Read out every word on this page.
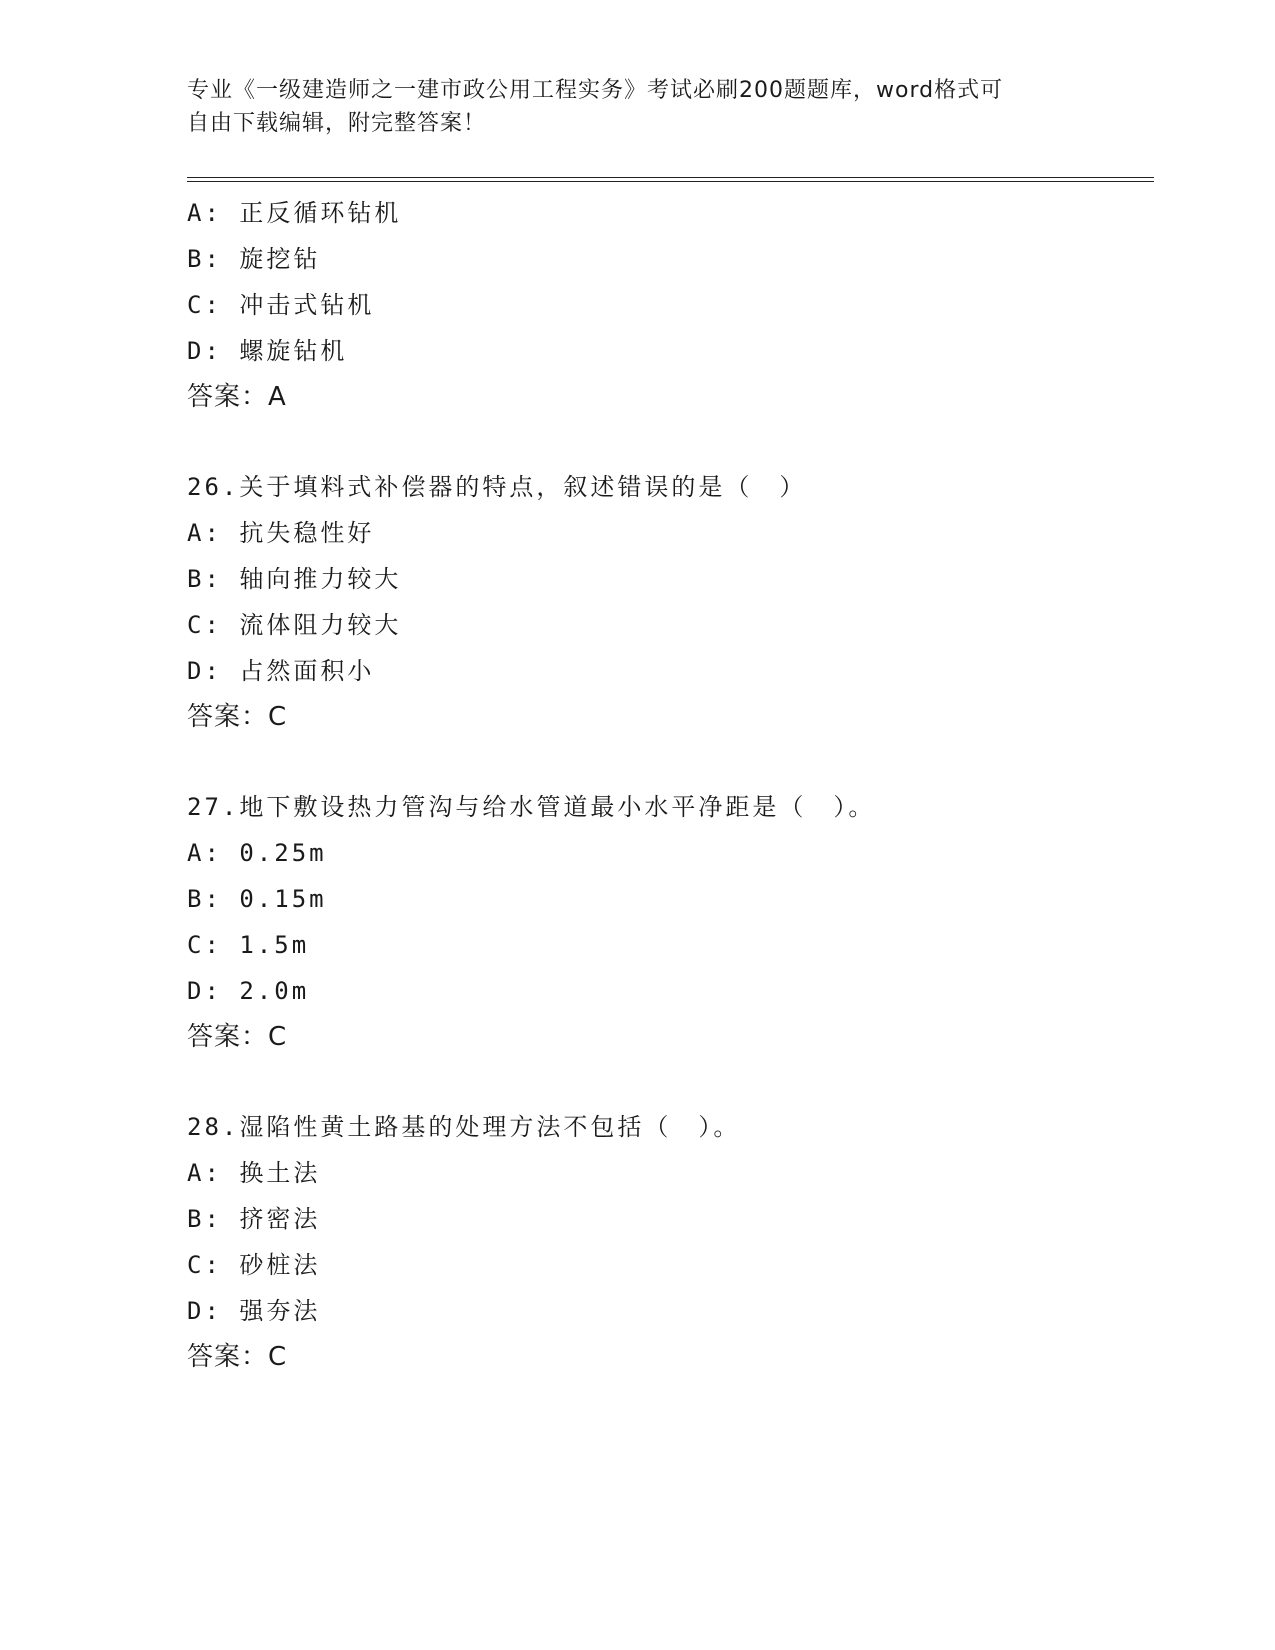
专业《一级建造师之一建市政公用工程实务》考试必刷200题题库，word格式可
自由下载编辑，附完整答案！
A: 正反循环钻机
B: 旋挖钻
C: 冲击式钻机
D: 螺旋钻机
答案：A
26.关于填料式补偿器的特点，叙述错误的是（　）
A: 抗失稳性好
B: 轴向推力较大
C: 流体阻力较大
D: 占然面积小
答案：C
27.地下敷设热力管沟与给水管道最小水平净距是（　）。
A: 0.25m
B: 0.15m
C: 1.5m
D: 2.0m
答案：C
28.湿陷性黄土路基的处理方法不包括（　）。
A: 换土法
B: 挤密法
C: 砂桩法
D: 强夯法
答案：C
